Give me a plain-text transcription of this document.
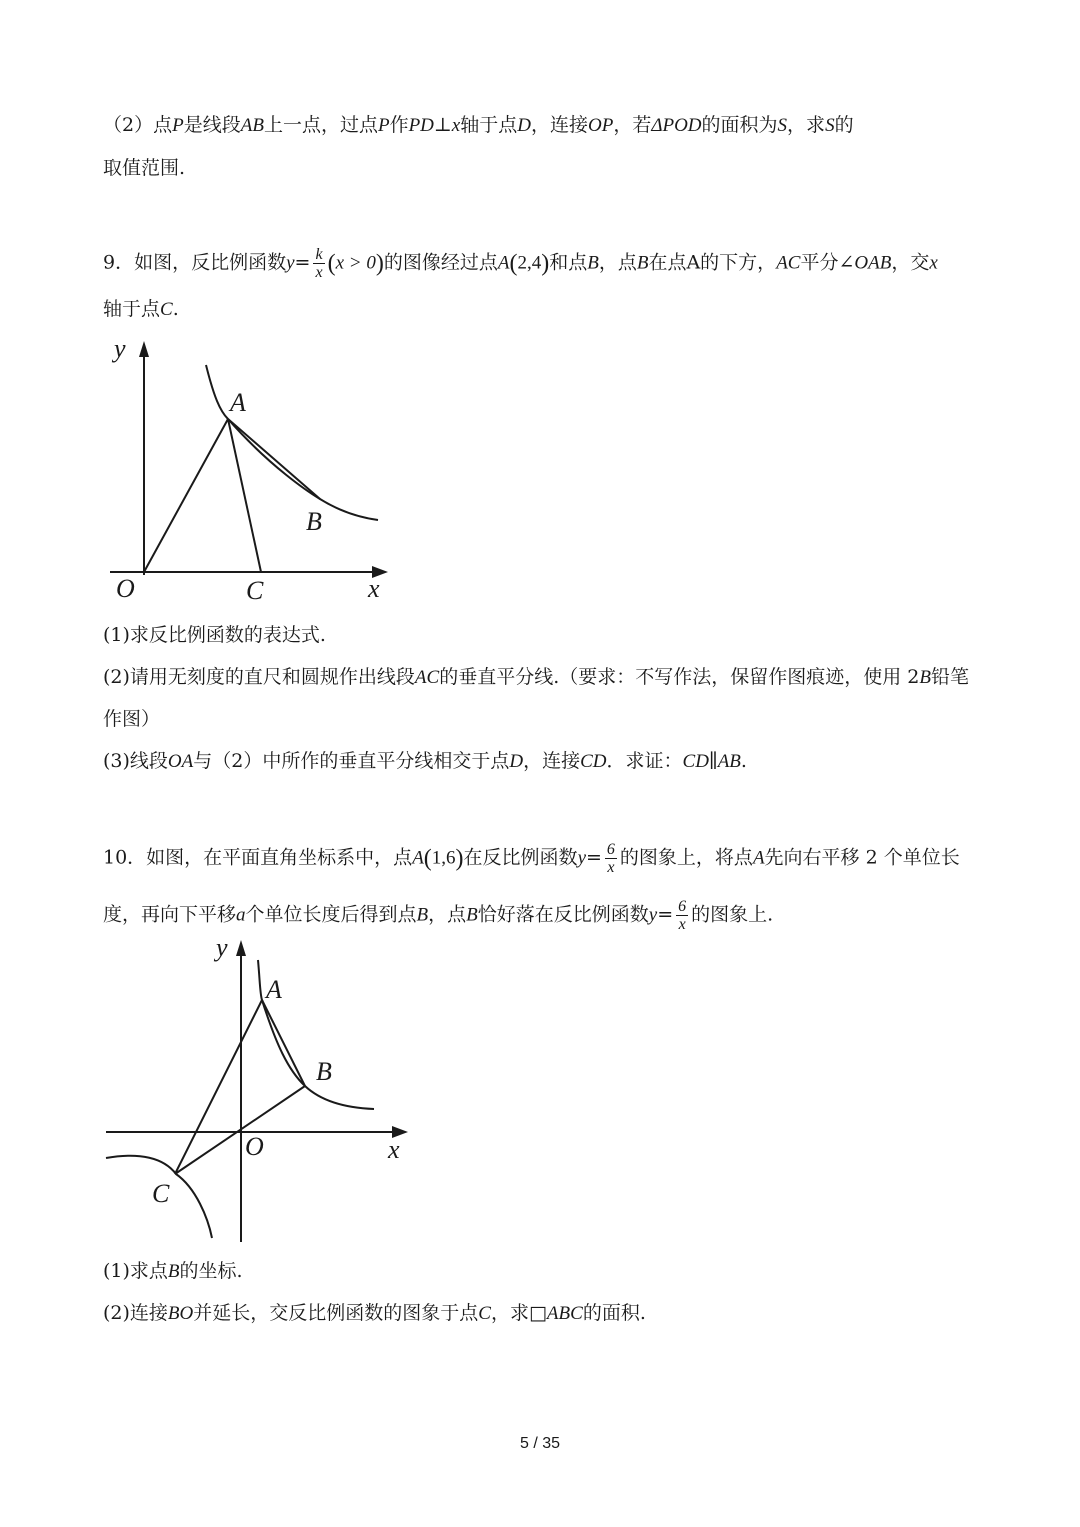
（2）点P是线段AB上一点，过点P作PD⊥x轴于点D，连接OP，若ΔPOD的面积为S，求S的
取值范围.
9．如图，反比例函数$y= \frac{k}{x} (x > 0)$的图像经过点A(2,4)和点B，点B在点A的下方，AC平分∠OAB，交x
轴于点C.
y
A
B
O	C	x
(1)求反比例函数的表达式.
(2)请用无刻度的直尺和圆规作出线段AC的垂直平分线.（要求：不写作法，保留作图痕迹，使用 2B铅笔
作图）
(3)线段OA与（2）中所作的垂直平分线相交于点D，连接CD．求证：CD∥AB.
10．如图，在平面直角坐标系中，点A(1,6)在反比例函数$y= \frac{6}{x}$ 的图象上，将点A先向右平移 2 个单位长
度，再向下平移a个单位长度后得到点B，点B恰好落在反比例函数$y= \frac{6}{x}$ 的图象上.
y
A
B
O	x
C
(1)求点B的坐标.
(2)连接BO并延长，交反比例函数的图象于点C，求□ABC的面积.
5 / 35
